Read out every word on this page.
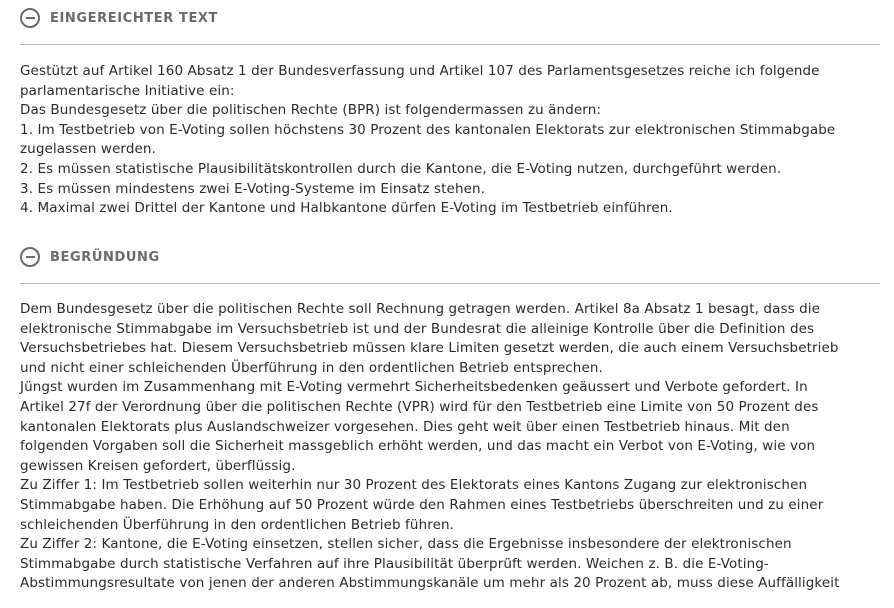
EINGEREICHTER TEXT
Gestützt auf Artikel 160 Absatz 1 der Bundesverfassung und Artikel 107 des Parlamentsgesetzes reiche ich folgende
parlamentarische Initiative ein:
Das Bundesgesetz über die politischen Rechte (BPR) ist folgendermassen zu ändern:
1. Im Testbetrieb von E-Voting sollen höchstens 30 Prozent des kantonalen Elektorats zur elektronischen Stimmabgabe
zugelassen werden.
2. Es müssen statistische Plausibilitätskontrollen durch die Kantone, die E-Voting nutzen, durchgeführt werden.
3. Es müssen mindestens zwei E-Voting-Systeme im Einsatz stehen.
4. Maximal zwei Drittel der Kantone und Halbkantone dürfen E-Voting im Testbetrieb einführen.
BEGRÜNDUNG
Dem Bundesgesetz über die politischen Rechte soll Rechnung getragen werden. Artikel 8a Absatz 1 besagt, dass die
elektronische Stimmabgabe im Versuchsbetrieb ist und der Bundesrat die alleinige Kontrolle über die Definition des
Versuchsbetriebes hat. Diesem Versuchsbetrieb müssen klare Limiten gesetzt werden, die auch einem Versuchsbetrieb
und nicht einer schleichenden Überführung in den ordentlichen Betrieb entsprechen.
Jüngst wurden im Zusammenhang mit E-Voting vermehrt Sicherheitsbedenken geäussert und Verbote gefordert. In
Artikel 27f der Verordnung über die politischen Rechte (VPR) wird für den Testbetrieb eine Limite von 50 Prozent des
kantonalen Elektorats plus Auslandschweizer vorgesehen. Dies geht weit über einen Testbetrieb hinaus. Mit den
folgenden Vorgaben soll die Sicherheit massgeblich erhöht werden, und das macht ein Verbot von E-Voting, wie von
gewissen Kreisen gefordert, überflüssig.
Zu Ziffer 1: Im Testbetrieb sollen weiterhin nur 30 Prozent des Elektorats eines Kantons Zugang zur elektronischen
Stimmabgabe haben. Die Erhöhung auf 50 Prozent würde den Rahmen eines Testbetriebs überschreiten und zu einer
schleichenden Überführung in den ordentlichen Betrieb führen.
Zu Ziffer 2: Kantone, die E-Voting einsetzen, stellen sicher, dass die Ergebnisse insbesondere der elektronischen
Stimmabgabe durch statistische Verfahren auf ihre Plausibilität überprüft werden. Weichen z. B. die E-Voting-
Abstimmungsresultate von jenen der anderen Abstimmungskanäle um mehr als 20 Prozent ab, muss diese Auffälligkeit
